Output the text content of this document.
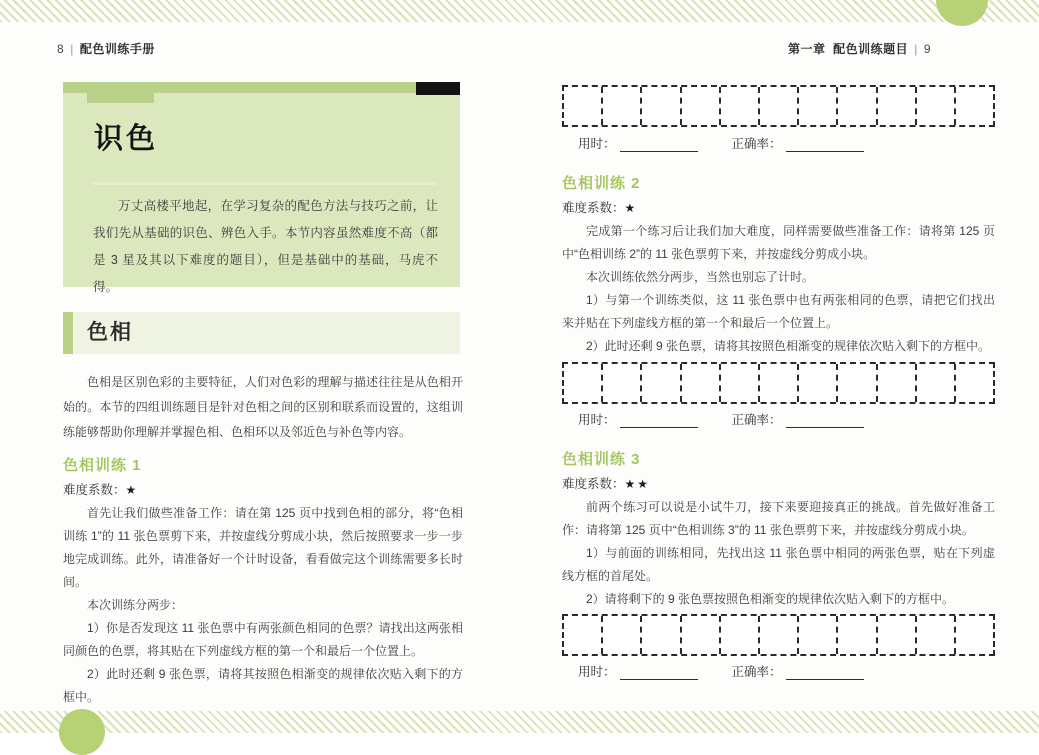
8 | 配色训练手册	第一章 配色训练题目 | 9
识色
万丈高楼平地起，在学习复杂的配色方法与技巧之前，让我们先从基础的识色、辨色入手。本节内容虽然难度不高（都是 3 星及其以下难度的题目），但是基础中的基础，马虎不得。
色相
色相是区别色彩的主要特征，人们对色彩的理解与描述往往是从色相开始的。本节的四组训练题目是针对色相之间的区别和联系而设置的，这组训练能够帮助你理解并掌握色相、色相环以及邻近色与补色等内容。
色相训练 1
难度系数：★

首先让我们做些准备工作：请在第 125 页中找到色相的部分，将“色相训练 1”的 11 张色票剪下来，并按虚线分剪成小块，然后按照要求一步一步地完成训练。此外，请准备好一个计时设备，看看做完这个训练需要多长时间。

本次训练分两步：

1）你是否发现这 11 张色票中有两张颜色相同的色票？请找出这两张相同颜色的色票，将其贴在下列虚线方框的第一个和最后一个位置上。

2）此时还剩 9 张色票，请将其按照色相渐变的规律依次贴入剩下的方框中。

用时：	正确率：
色相训练 2
难度系数：★

完成第一个练习后让我们加大难度，同样需要做些准备工作：请将第 125 页中“色相训练 2”的 11 张色票剪下来，并按虚线分剪成小块。

本次训练依然分两步，当然也别忘了计时。

1）与第一个训练类似，这 11 张色票中也有两张相同的色票，请把它们找出来并贴在下列虚线方框的第一个和最后一个位置上。

2）此时还剩 9 张色票，请将其按照色相渐变的规律依次贴入剩下的方框中。

用时：	正确率：
色相训练 3
难度系数：★★

前两个练习可以说是小试牛刀，接下来要迎接真正的挑战。首先做好准备工作：请将第 125 页中“色相训练 3”的 11 张色票剪下来，并按虚线分剪成小块。

1）与前面的训练相同，先找出这 11 张色票中相同的两张色票，贴在下列虚线方框的首尾处。

2）请将剩下的 9 张色票按照色相渐变的规律依次贴入剩下的方框中。

用时：	正确率：
